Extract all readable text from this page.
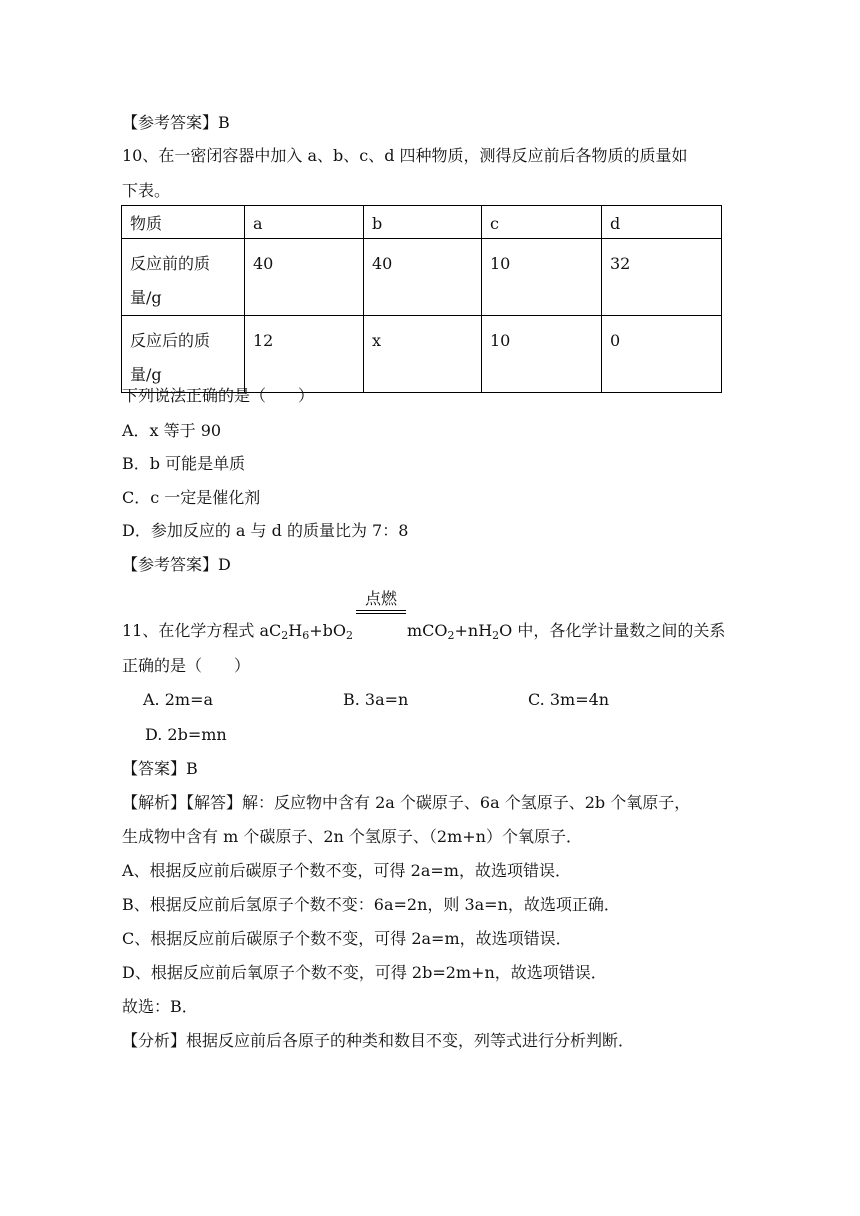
【参考答案】B
10、在一密闭容器中加入 a、b、c、d 四种物质，测得反应前后各物质的质量如
下表。
物质	a	b	c	d
反应前的质量/g	40	40	10	32
反应后的质量/g	12	x	10	0
下列说法正确的是（　　）
A．x 等于 90
B．b 可能是单质
C．c 一定是催化剂
D．参加反应的 a 与 d 的质量比为 7：8
【参考答案】D
点燃
11、在化学方程式 $aC_2H_6+bO_2$	$mCO_2+nH_2O$ 中，各化学计量数之间的关系
正确的是（　　）
A. 2m=a	B. 3a=n	C. 3m=4n
D. 2b=mn
【答案】B
【解析】【解答】解：反应物中含有 2a 个碳原子、6a 个氢原子、2b 个氧原子，
生成物中含有 m 个碳原子、2n 个氢原子、（2m+n）个氧原子．
A、根据反应前后碳原子个数不变，可得 2a=m，故选项错误．
B、根据反应前后氢原子个数不变：6a=2n，则 3a=n，故选项正确．
C、根据反应前后碳原子个数不变，可得 2a=m，故选项错误．
D、根据反应前后氧原子个数不变，可得 2b=2m+n，故选项错误．
故选：B．
【分析】根据反应前后各原子的种类和数目不变，列等式进行分析判断．
